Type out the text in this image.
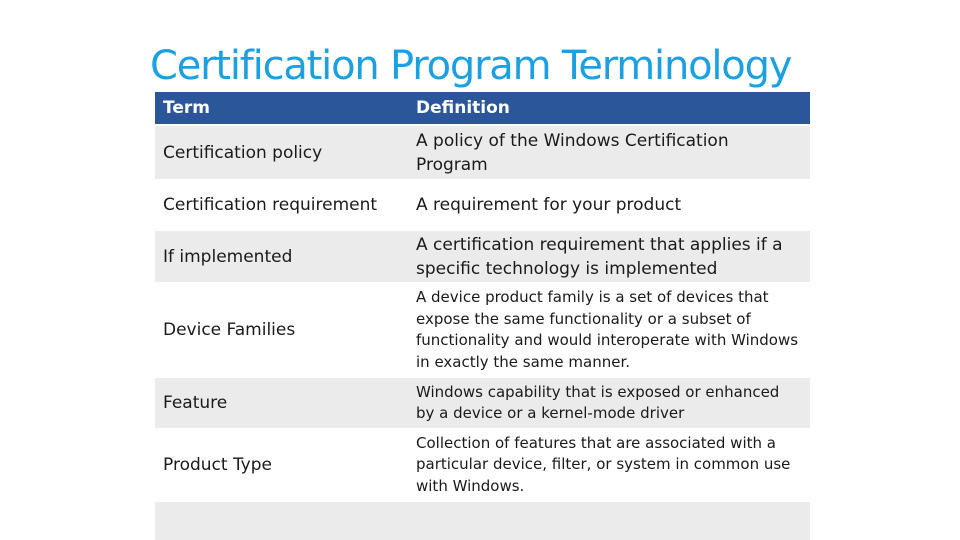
Certification Program Terminology
Term	Definition
Certification policy	A policy of the Windows Certification Program
Certification requirement	A requirement for your product
If implemented	A certification requirement that applies if a specific technology is implemented
Device Families	A device product family is a set of devices that expose the same functionality or a subset of functionality and would interoperate with Windows in exactly the same manner.
Feature	Windows capability that is exposed or enhanced by a device or a kernel-mode driver
Product Type	Collection of features that are associated with a particular device, filter, or system in common use with Windows.
